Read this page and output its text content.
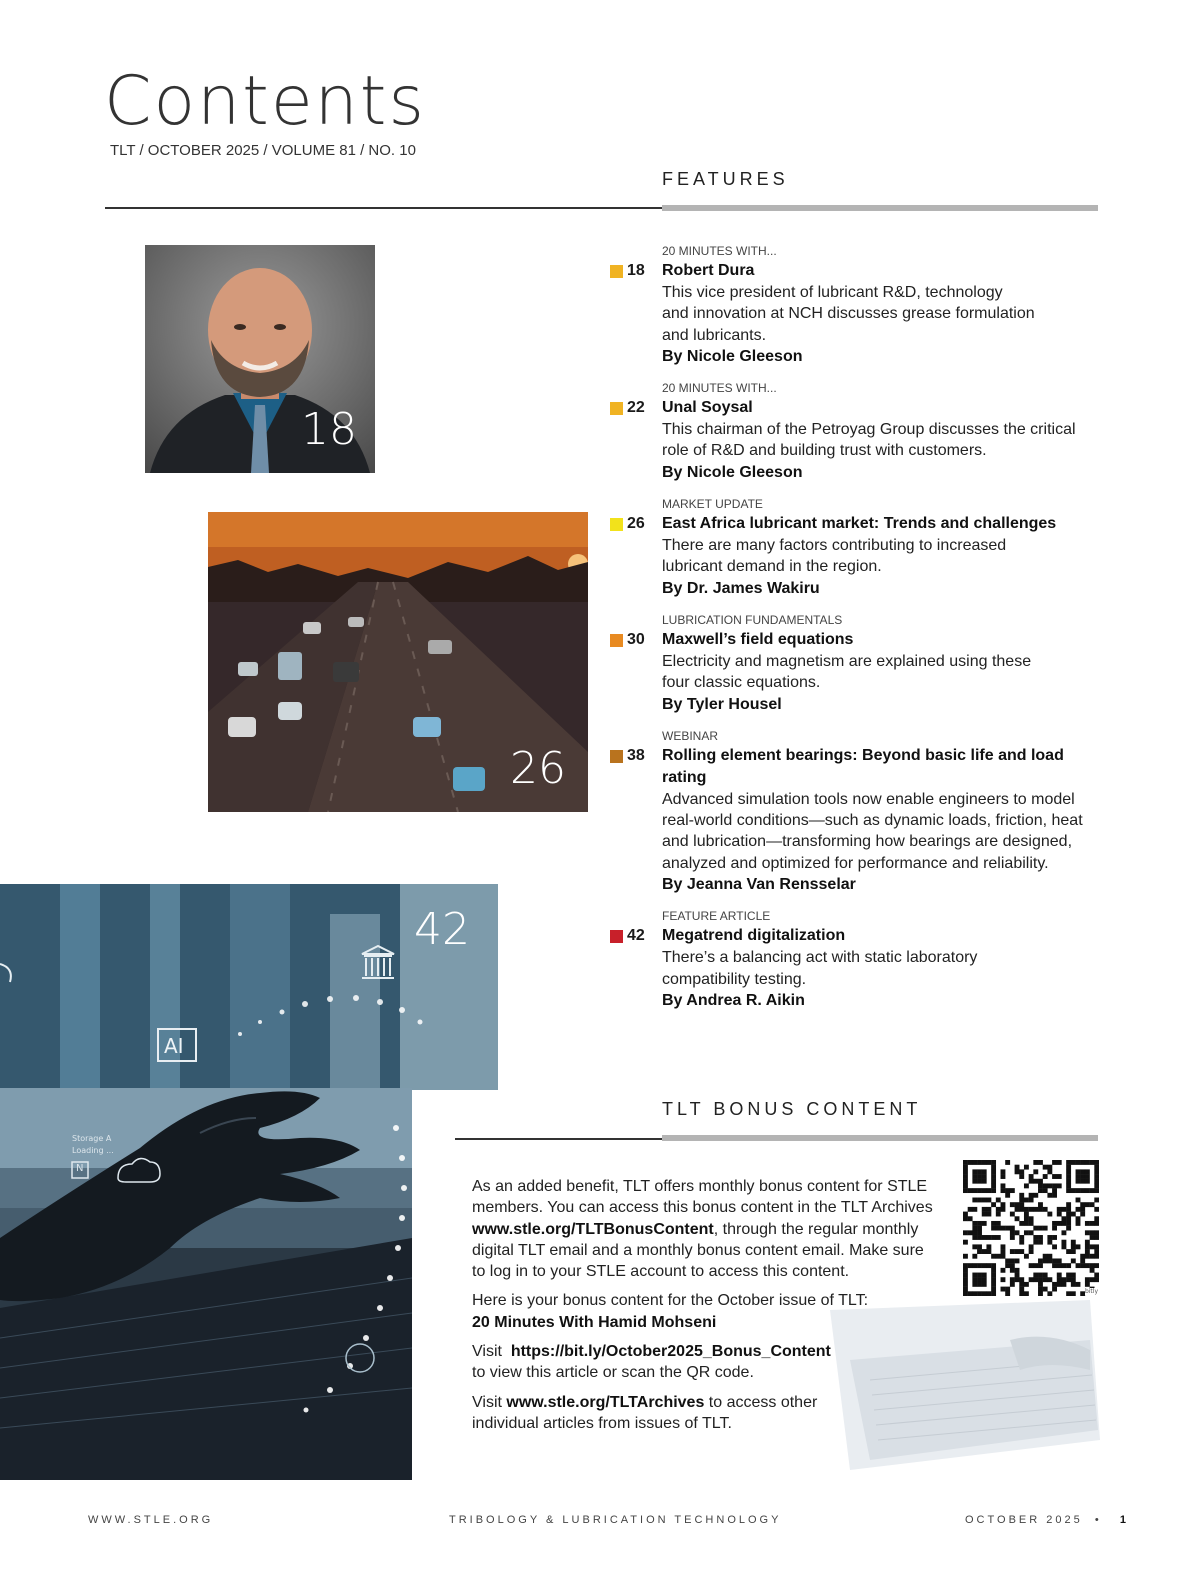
Contents
TLT / OCTOBER 2025 / VOLUME 81 / NO. 10
FEATURES
18
26
AI
42
Storage A
Loading ...
N
20 MINUTES WITH...
18 Robert Dura
This vice president of lubricant R&D, technology
and innovation at NCH discusses grease formulation
and lubricants.
By Nicole Gleeson
20 MINUTES WITH...
22 Unal Soysal
This chairman of the Petroyag Group discusses the critical
role of R&D and building trust with customers.
By Nicole Gleeson
MARKET UPDATE
26 East Africa lubricant market: Trends and challenges
There are many factors contributing to increased
lubricant demand in the region.
By Dr. James Wakiru
LUBRICATION FUNDAMENTALS
30 Maxwell’s field equations
Electricity and magnetism are explained using these
four classic equations.
By Tyler Housel
WEBINAR
38 Rolling element bearings: Beyond basic life and load rating
Advanced simulation tools now enable engineers to model
real-world conditions—such as dynamic loads, friction, heat
and lubrication—transforming how bearings are designed,
analyzed and optimized for performance and reliability.
By Jeanna Van Rensselar
FEATURE ARTICLE
42 Megatrend digitalization
There’s a balancing act with static laboratory
compatibility testing.
By Andrea R. Aikin
TLT BONUS CONTENT

As an added benefit, TLT offers monthly bonus content for STLE
members. You can access this bonus content in the TLT Archives
www.stle.org/TLTBonusContent, through the regular monthly
digital TLT email and a monthly bonus content email. Make sure
to log in to your STLE account to access this content.

Here is your bonus content for the October issue of TLT:
20 Minutes With Hamid Mohseni

Visit https://bit.ly/October2025_Bonus_Content
to view this article or scan the QR code.

Visit www.stle.org/TLTArchives to access other
individual articles from issues of TLT.

bitly
WWW.STLE.ORG	TRIBOLOGY & LUBRICATION TECHNOLOGY	OCTOBER 2025 • 1
